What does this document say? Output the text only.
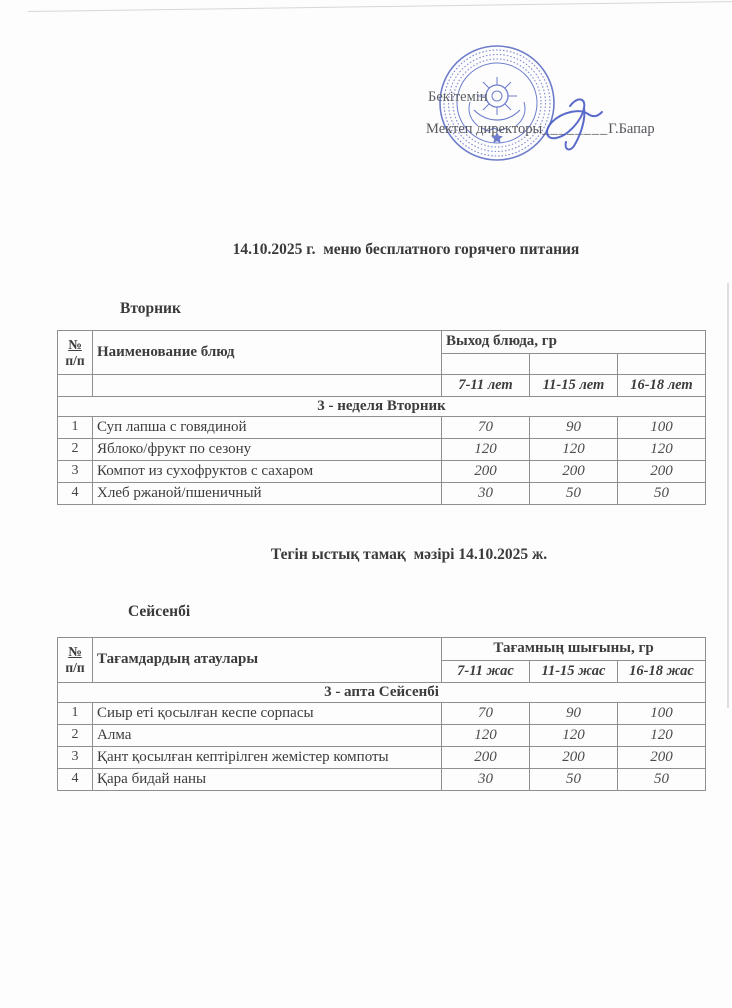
Бекітемін
Мектеп директоры________Г.Бапар
14.10.2025 г.  меню бесплатного горячего питания
Вторник
№
п/п	Наименование блюд	Выход блюда, гр		

		7-11 лет	11-15 лет	16-18 лет
3 - неделя Вторник				
1	Суп лапша с говядиной	70	90	100
2	Яблоко/фрукт по сезону	120	120	120
3	Компот из сухофруктов с сахаром	200	200	200
4	Хлеб ржаной/пшеничный	30	50	50
Тегін ыстық тамақ  мәзірі 14.10.2025 ж.
Сейсенбі
№
п/п	Тағамдардың атаулары	Тағамның шығыны, гр		
		7-11 жас	11-15 жас	16-18 жас
3 - апта Сейсенбі				
1	Сиыр еті қосылған кеспе сорпасы	70	90	100
2	Алма	120	120	120
3	Қант қосылған кептірілген жемістер компоты	200	200	200
4	Қара бидай наны	30	50	50
